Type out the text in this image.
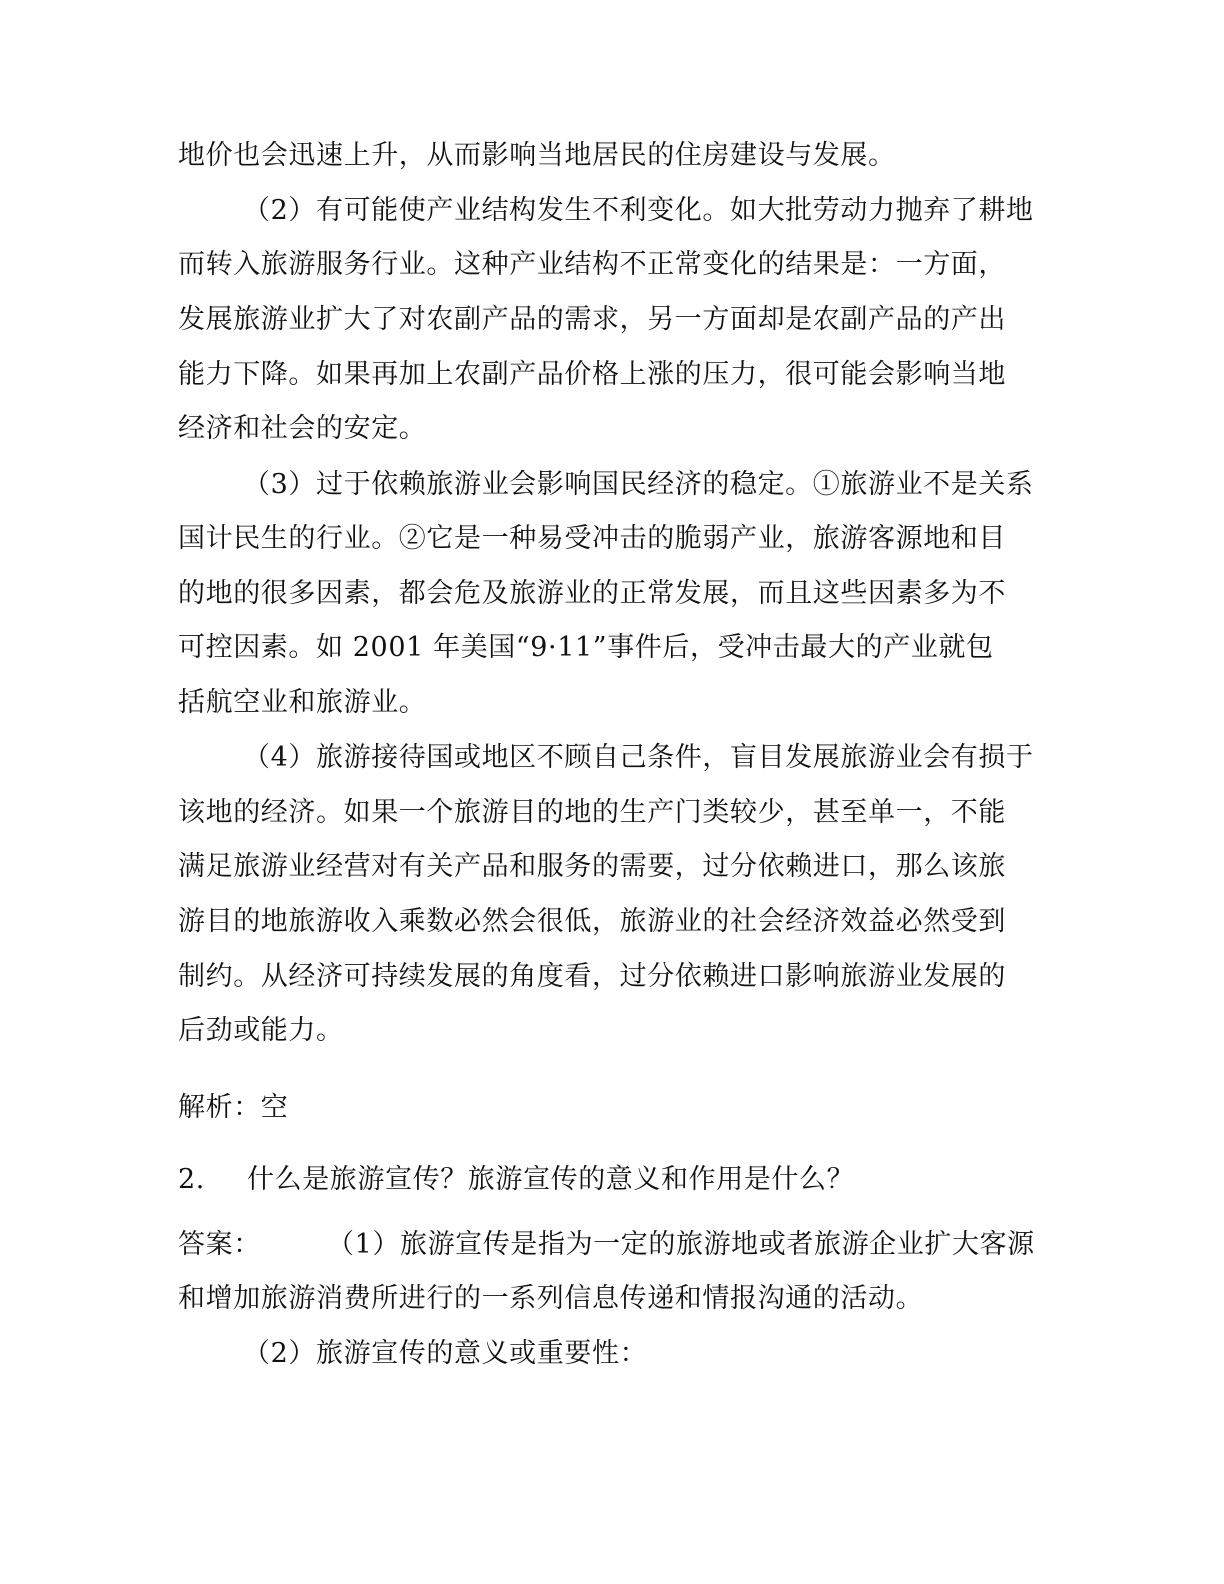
地价也会迅速上升，从而影响当地居民的住房建设与发展。
（2）有可能使产业结构发生不利变化。如大批劳动力抛弃了耕地
而转入旅游服务行业。这种产业结构不正常变化的结果是：一方面，
发展旅游业扩大了对农副产品的需求，另一方面却是农副产品的产出
能力下降。如果再加上农副产品价格上涨的压力，很可能会影响当地
经济和社会的安定。
（3）过于依赖旅游业会影响国民经济的稳定。①旅游业不是关系
国计民生的行业。②它是一种易受冲击的脆弱产业，旅游客源地和目
的地的很多因素，都会危及旅游业的正常发展，而且这些因素多为不
可控因素。如 2001 年美国“9·11”事件后，受冲击最大的产业就包
括航空业和旅游业。
（4）旅游接待国或地区不顾自己条件，盲目发展旅游业会有损于
该地的经济。如果一个旅游目的地的生产门类较少，甚至单一，不能
满足旅游业经营对有关产品和服务的需要，过分依赖进口，那么该旅
游目的地旅游收入乘数必然会很低，旅游业的社会经济效益必然受到
制约。从经济可持续发展的角度看，过分依赖进口影响旅游业发展的
后劲或能力。
解析：空
2. 什么是旅游宣传？旅游宣传的意义和作用是什么？
答案： （1）旅游宣传是指为一定的旅游地或者旅游企业扩大客源
和增加旅游消费所进行的一系列信息传递和情报沟通的活动。
（2）旅游宣传的意义或重要性：
